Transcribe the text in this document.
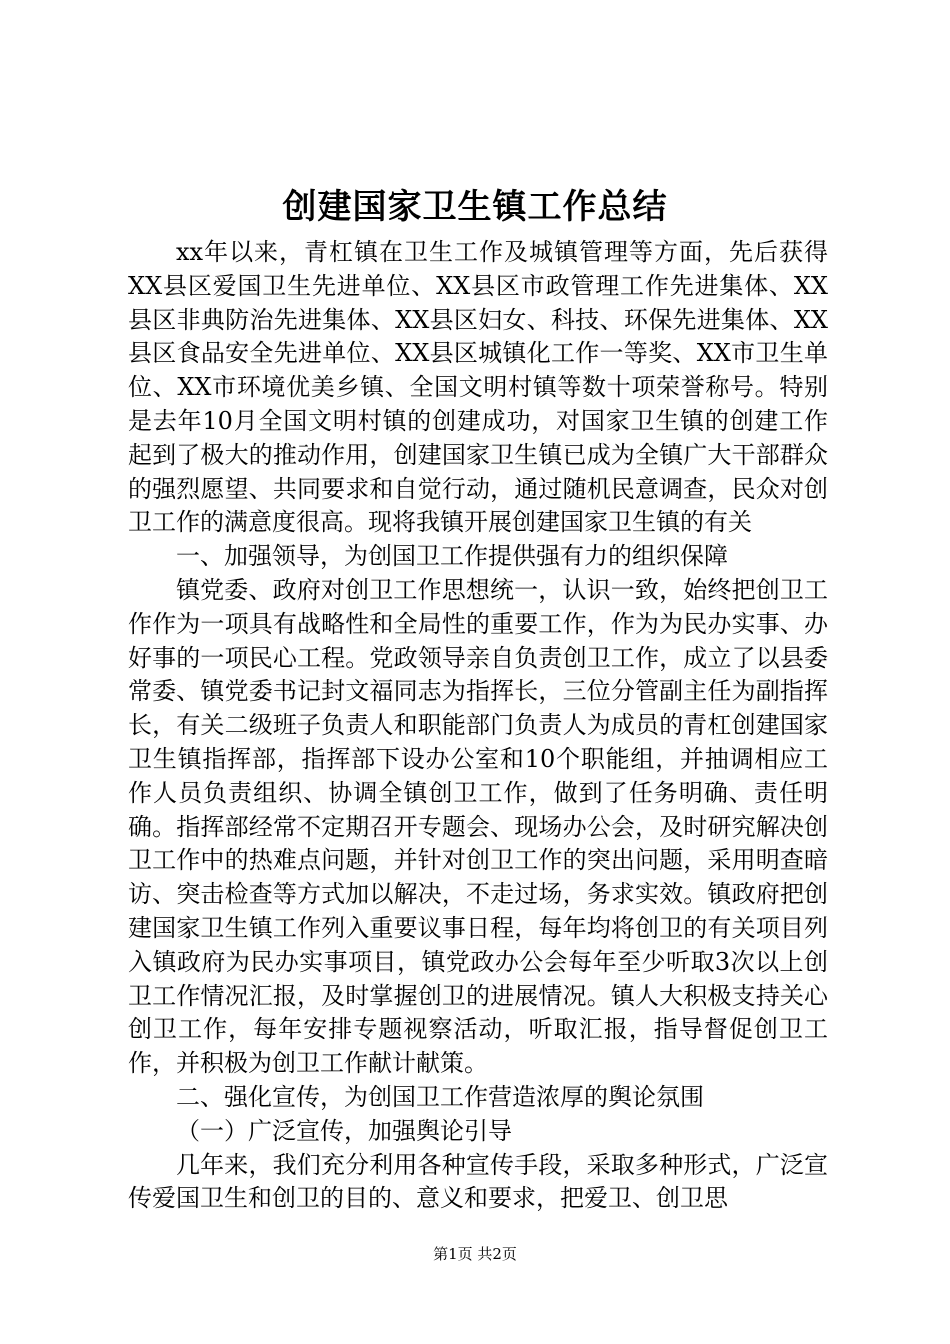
创建国家卫生镇工作总结

xx年以来，青杠镇在卫生工作及城镇管理等方面，先后获得XX县区爱国卫生先进单位、XX县区市政管理工作先进集体、XX县区非典防治先进集体、XX县区妇女、科技、环保先进集体、XX县区食品安全先进单位、XX县区城镇化工作一等奖、XX市卫生单位、XX市环境优美乡镇、全国文明村镇等数十项荣誉称号。特别是去年10月全国文明村镇的创建成功，对国家卫生镇的创建工作起到了极大的推动作用，创建国家卫生镇已成为全镇广大干部群众的强烈愿望、共同要求和自觉行动，通过随机民意调查，民众对创卫工作的满意度很高。现将我镇开展创建国家卫生镇的有关

一、加强领导，为创国卫工作提供强有力的组织保障

镇党委、政府对创卫工作思想统一，认识一致，始终把创卫工作作为一项具有战略性和全局性的重要工作，作为为民办实事、办好事的一项民心工程。党政领导亲自负责创卫工作，成立了以县委常委、镇党委书记封文福同志为指挥长，三位分管副主任为副指挥长，有关二级班子负责人和职能部门负责人为成员的青杠创建国家卫生镇指挥部，指挥部下设办公室和10个职能组，并抽调相应工作人员负责组织、协调全镇创卫工作，做到了任务明确、责任明确。指挥部经常不定期召开专题会、现场办公会，及时研究解决创卫工作中的热难点问题，并针对创卫工作的突出问题，采用明查暗访、突击检查等方式加以解决，不走过场，务求实效。镇政府把创建国家卫生镇工作列入重要议事日程，每年均将创卫的有关项目列入镇政府为民办实事项目，镇党政办公会每年至少听取3次以上创卫工作情况汇报，及时掌握创卫的进展情况。镇人大积极支持关心创卫工作，每年安排专题视察活动，听取汇报，指导督促创卫工作，并积极为创卫工作献计献策。

二、强化宣传，为创国卫工作营造浓厚的舆论氛围

（一）广泛宣传，加强舆论引导

几年来，我们充分利用各种宣传手段，采取多种形式，广泛宣传爱国卫生和创卫的目的、意义和要求，把爱卫、创卫思

第1页 共2页
